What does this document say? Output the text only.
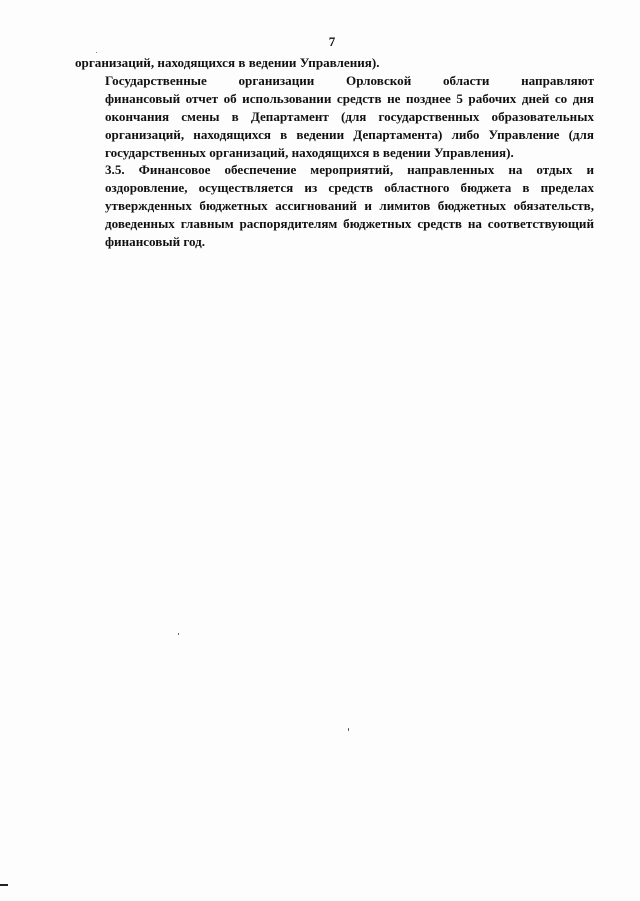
7

организаций, находящихся в ведении Управления).

Государственные организации Орловской области направляют
финансовый отчет об использовании средств не позднее 5 рабочих дней со дня
окончания смены в Департамент (для государственных образовательных
организаций, находящихся в ведении Департамента) либо Управление (для
государственных организаций, находящихся в ведении Управления).

3.5. Финансовое обеспечение мероприятий, направленных на отдых и
оздоровление, осуществляется из средств областного бюджета в пределах
утвержденных бюджетных ассигнований и лимитов бюджетных обязательств,
доведенных главным распорядителям бюджетных средств на соответствующий
финансовый год.
